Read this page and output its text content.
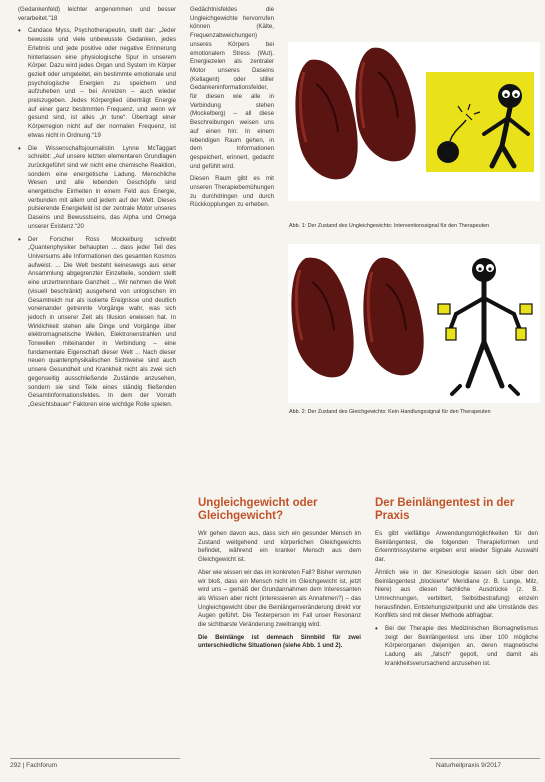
(Gedankenfeld) leichter angenommen und besser verarbeitet."18

• Candace Myss, Psychotherapeutin, stellt dar: „Jeder bewusste und viele unbewusste Gedanken, jedes Erlebnis und jede positive oder negative Erinnerung hinterlassen eine physiologische Spur in unserem Körper. Dazu wird jedes Organ und System im Körper gezielt oder umgeleitet, ein bestimmte emotionale und psychologische Energien zu speichern und aufzuheben und – bei Anreizen – auch wieder preiszugeben. Jedes Körperglied überträgt Energie auf einer ganz bestimmten Frequenz, und wenn wir gesund sind, ist alles „in tune“. Übertragt einer Körperregion nicht auf der normalen Frequenz, ist etwas nicht in Ordnung.“19

• Die Wissenschaftsjournalistin Lynne McTaggart schreibt: „Auf unsere letzten elementaren Grundlagen zurückgeführt sind wir nicht eine chemische Reaktion, sondern eine energetische Ladung. Menschliche Wesen und alle lebenden Geschöpfe sind energetische Einheiten in einem Feld aus Energie, verbunden mit allem und jedem auf der Welt. Dieses pulsierende Energiefeld ist der zentrale Motor unseres Daseins und Bewusstseins, das Alpha und Omega unserer Existenz.“20

• Der Forscher Ross Mockelburg schreibt „Quantenphysiker behaupten ... dass jeder Teil des Universums alle Informationen des gesamten Kosmos aufweist. ... Die Welt besteht keineswegs aus einer Ansammlung abgegrenzter Einzelteile, sondern stellt eine unzertrennbare Ganzheit ... Wir nehmen die Welt (visuell beschränkt) ausgehend von unlogischen im Gesamtreich nur als isolierte Ereignisse und deutlich voneinander getrennte Vorgänge wahr, was sich jedoch in unserer Zeit als Illusion erwiesen hat. In Wirklichkeit stehen alle Dinge und Vorgänge über elektromagnetische Wellen, Elektronenstrahlen und Tonwellen miteinander in Verbindung – eine fundamentale Eigenschaft dieser Welt ... Nach dieser neuen quantenphysikalischen Sichtweise sind auch unsere Gesundheit und Krankheit nicht als zwei sich gegenseitig ausschließende Zustände anzusehen, sondern sie sind Teile eines ständig fließenden Gesamtinformationsfeldes. In dem der Vorrath „Gesichtsbauer“ Faktoren eine wichtige Rolle spielen.

Gedächtnisfeldes die Ungleichgewichte hervorrufen können (Kälte, Frequenzabweichungen) unseres Körpers bei emotionalem Stress (Wut). Energiezelen als zentraler Motor unseres Daseins (Kellagent) oder stiller Gedankeninformationsfelder, für diesen wie alle in Verbindung stehen (Mockelberg) – all diese Beschreibungen weisen uns auf einen hin: In einem lebendigen Raum gehen, in dem Informationen gespeichert, erinnert, gedacht und gefühlt wird.

Diesen Raum gibt es mit unseren Therapiebemühungen zu durchdringen und durch Rückkopplungen zu erheben.

Abb. 1: Der Zustand des Ungleichgewichts: Interventionssignal für den Therapeuten
Abb. 2: Der Zustand des Gleichgewichts: Kein Handlungssignal für den Therapeuten
Ungleichgewicht oder Gleichgewicht?

Wir gehen davon aus, dass sich ein gesunder Mensch im Zustand weitgehend und körperlichen Gleichgewichts befindet, während ein kranker Mensch aus dem Gleichgewicht ist.

Aber wie wissen wir das im konkreten Fall? Bisher vermuten wir bloß, dass ein Mensch nicht im Gleichgewicht ist, jetzt wird uns – gemäß der Grundannahmen dem Interessanten als Wissen aber nicht (interessieren als Annahmen?) – das Ungleichgewicht über die Beinlängenveränderung direkt vor Augen geführt. Die Testerperson im Fall unser Resonanz die sichtbarste Veränderung zweitrangig wird.

Die Beinlänge ist demnach Sinnbild für zwei unterschiedliche Situationen (siehe Abb. 1 und 2).

Der Beinlängentest in der Praxis

Es gibt vielfältige Anwendungsmöglichkeiten für den Beinlängentest, die folgenden Therapieformen und Erkenntnissysteme ergeben erst wieder Signale Auswahl dar.

Ähnlich wie in der Kinesiologie lassen sich über den Beinlängentest „blockierte“ Meridiane (z. B. Lunge, Milz, Niere) aus diesen fachliche Ausdrücke (z. B. Umrechnungen, verbittert, Selbstbestrafung) einzeln herausfinden, Entstehungszeitpunkt und alle Umstände des Konflikts sind mit dieser Methode abfragbar.

• Bei der Therapie des Medizinischen Biomagnetismus zeigt der Beinlängentest uns über 100 mögliche Körperorganen diejenigen an, deren magnetische Ladung als „falsch“ gepolt, und damit als krankheitsverursachend anzusehen ist.

292 | Fachforum	Naturheilpraxis 9/2017
